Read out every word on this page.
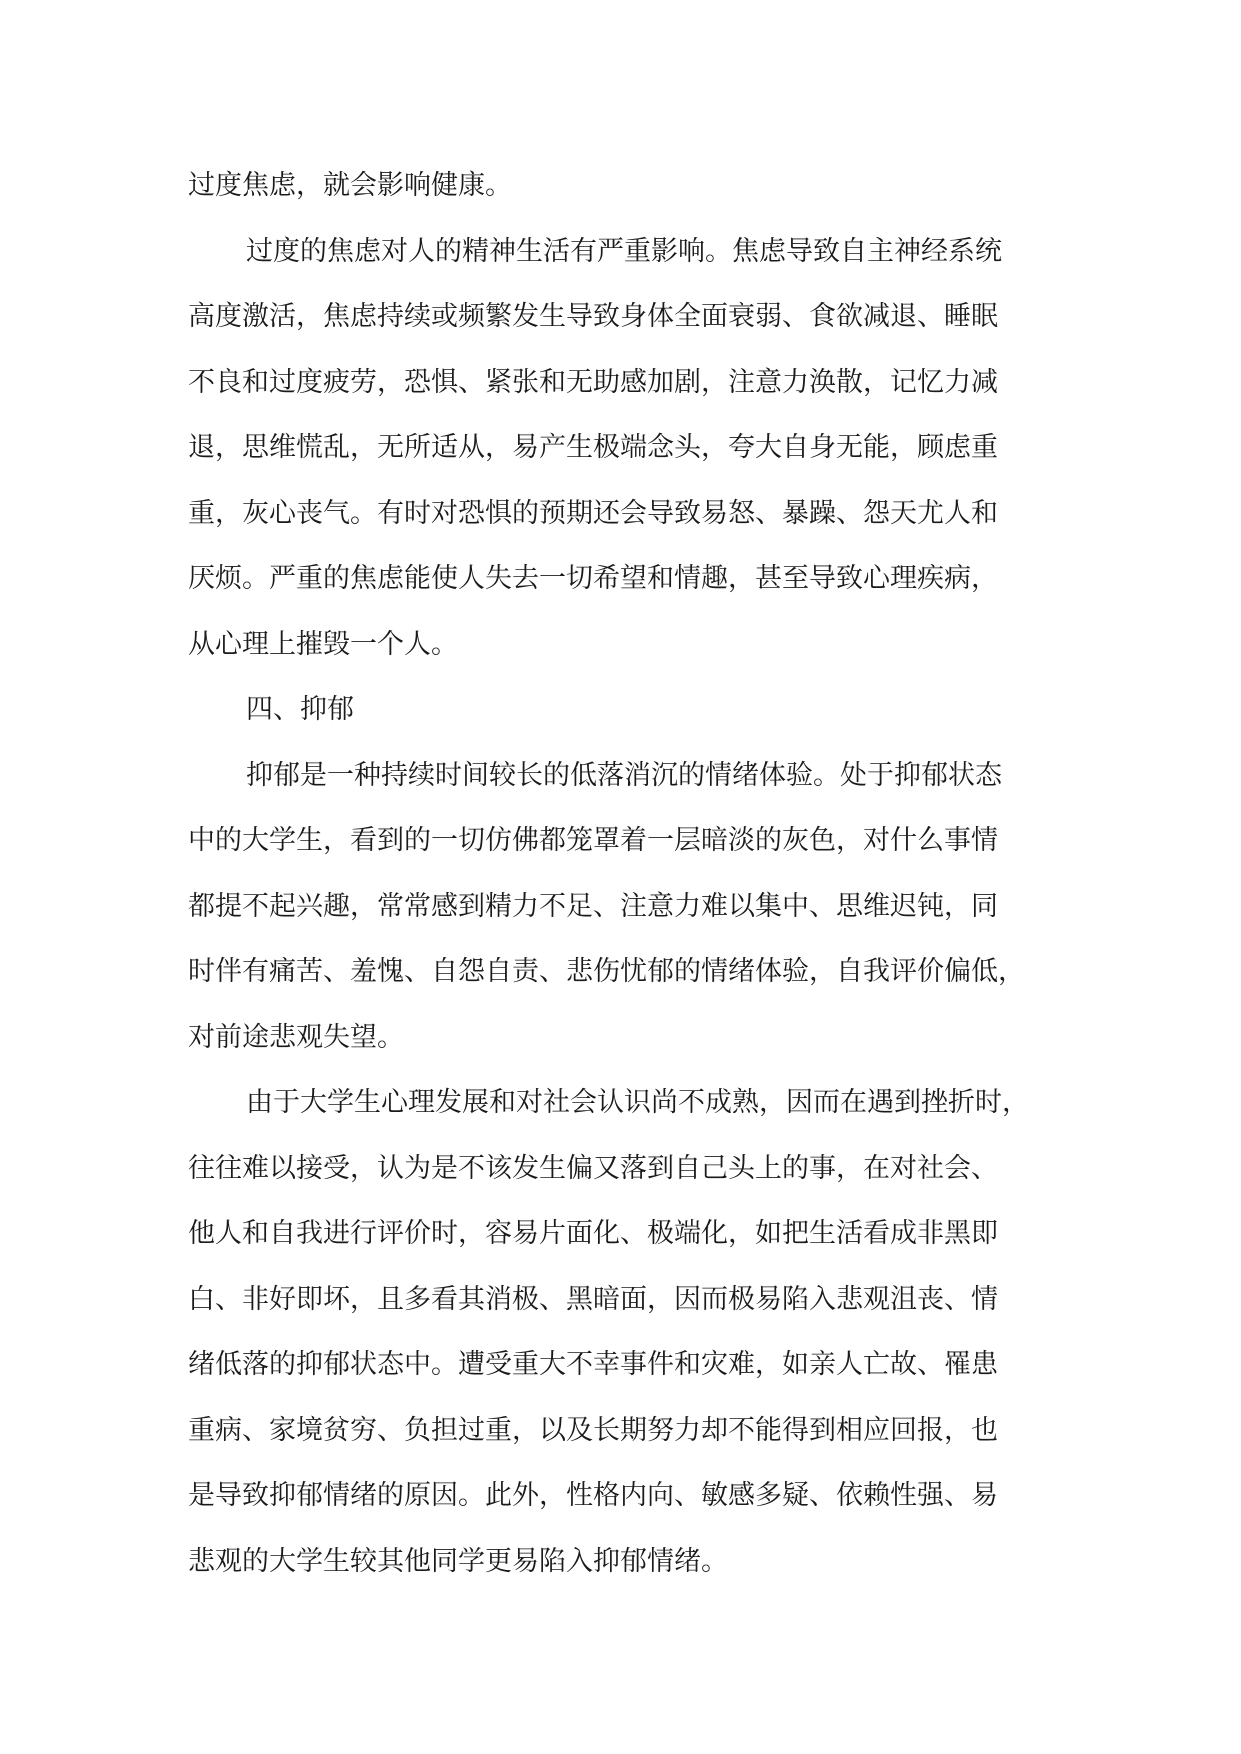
过度焦虑，就会影响健康。

过度的焦虑对人的精神生活有严重影响。焦虑导致自主神经系统
高度激活，焦虑持续或频繁发生导致身体全面衰弱、食欲减退、睡眠
不良和过度疲劳，恐惧、紧张和无助感加剧，注意力涣散，记忆力减
退，思维慌乱，无所适从，易产生极端念头，夸大自身无能，顾虑重
重，灰心丧气。有时对恐惧的预期还会导致易怒、暴躁、怨天尤人和
厌烦。严重的焦虑能使人失去一切希望和情趣，甚至导致心理疾病，
从心理上摧毁一个人。

四、抑郁

抑郁是一种持续时间较长的低落消沉的情绪体验。处于抑郁状态
中的大学生，看到的一切仿佛都笼罩着一层暗淡的灰色，对什么事情
都提不起兴趣，常常感到精力不足、注意力难以集中、思维迟钝，同
时伴有痛苦、羞愧、自怨自责、悲伤忧郁的情绪体验，自我评价偏低，
对前途悲观失望。

由于大学生心理发展和对社会认识尚不成熟，因而在遇到挫折时，
往往难以接受，认为是不该发生偏又落到自己头上的事，在对社会、
他人和自我进行评价时，容易片面化、极端化，如把生活看成非黑即
白、非好即坏，且多看其消极、黑暗面，因而极易陷入悲观沮丧、情
绪低落的抑郁状态中。遭受重大不幸事件和灾难，如亲人亡故、罹患
重病、家境贫穷、负担过重，以及长期努力却不能得到相应回报，也
是导致抑郁情绪的原因。此外，性格内向、敏感多疑、依赖性强、易
悲观的大学生较其他同学更易陷入抑郁情绪。
